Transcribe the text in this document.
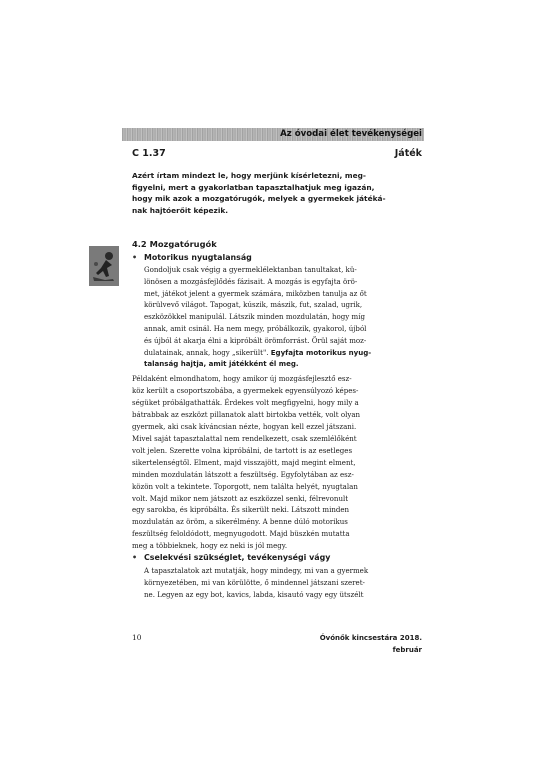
Az óvodai élet tevékenységei
C 1.37	Játék
Azért írtam mindezt le, hogy merjünk kísérletezni, meg-
figyelni, mert a gyakorlatban tapasztalhatjuk meg igazán,
hogy mik azok a mozgatórugók, melyek a gyermekek játéká-
nak hajtóerőit képezik.
4.2 Mozgatórugók
• Motorikus nyugtalanság
Gondoljuk csak végig a gyermeklélektanban tanultakat, kü-
lönösen a mozgásfejlődés fázisait. A mozgás is egyfajta örö-
met, játékot jelent a gyermek számára, miközben tanulja az őt
körülvevő világot. Tapogat, kúszik, mászik, fut, szalad, ugrik,
eszközökkel manipulál. Látszik minden mozdulatán, hogy míg
annak, amit csinál. Ha nem megy, próbálkozik, gyakorol, újból
és újból át akarja élni a kipróbált örömforrást. Örül saját moz-
dulatainak, annak, hogy „sikerült". Egyfajta motorikus nyug-
talanság hajtja, amit játékként él meg.
Példaként elmondhatom, hogy amikor új mozgásfejlesztő esz-
köz került a csoportszobába, a gyermekek egyensúlyozó képes-
ségüket próbálgathatták. Érdekes volt megfigyelni, hogy mily a
bátrabbak az eszközt pillanatok alatt birtokba vették, volt olyan
gyermek, aki csak kíváncsian nézte, hogyan kell ezzel játszani.
Mivel saját tapasztalattal nem rendelkezett, csak szemlélőként
volt jelen. Szerette volna kipróbálni, de tartott is az esetleges
sikertelenségtől. Elment, majd visszajött, majd megint elment,
minden mozdulatán látszott a feszültség. Egyfolytában az esz-
közön volt a tekintete. Toporgott, nem találta helyét, nyugtalan
volt. Majd mikor nem játszott az eszközzel senki, félrevonult
egy sarokba, és kipróbálta. És sikerült neki. Látszott minden
mozdulatán az öröm, a sikerélmény. A benne dúló motorikus
feszültség feloldódott, megnyugodott. Majd büszkén mutatta
meg a többieknek, hogy ez neki is jól megy.
• Cselekvési szükséglet, tevékenységi vágy
A tapasztalatok azt mutatják, hogy mindegy, mi van a gyermek
környezetében, mi van körülötte, ő mindennel játszani szeret-
ne. Legyen az egy bot, kavics, labda, kisautó vagy egy ütszélt
10	Óvónők kincsestára 2018. február
